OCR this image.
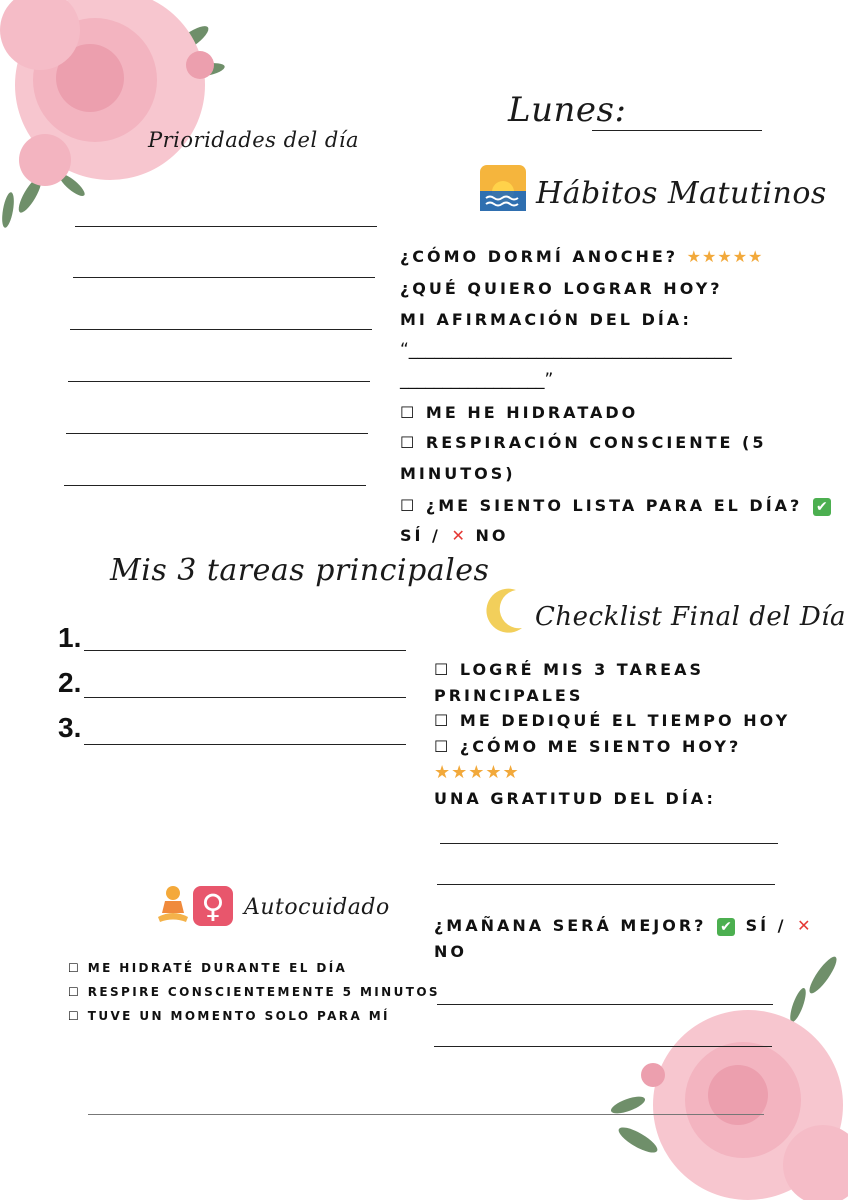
Lunes:
Prioridades del día
Mis 3 tareas principales
1.
2.
3.
Hábitos Matutinos
¿CÓMO DORMÍ ANOCHE? ★★★★★
¿QUÉ QUIERO LOGRAR HOY?
MI AFIRMACIÓN DEL DÍA:
“______________________________________
_________________”
☐ ME HE HIDRATADO
☐ RESPIRACIÓN CONSCIENTE (5
MINUTOS)
☐ ¿ME SIENTO LISTA PARA EL DÍA? ✔
SÍ / ✕ NO
Checklist Final del Día
☐ LOGRÉ MIS 3 TAREAS
PRINCIPALES
☐ ME DEDIQUÉ EL TIEMPO HOY
☐ ¿CÓMO ME SIENTO HOY?
★★★★★
UNA GRATITUD DEL DÍA:
¿MAÑANA SERÁ MEJOR? ✔ SÍ / ✕
NO
♀ Autocuidado
☐ ME HIDRATÉ DURANTE EL DÍA
☐ RESPIRE CONSCIENTEMENTE 5 MINUTOS
☐ TUVE UN MOMENTO SOLO PARA MÍ
